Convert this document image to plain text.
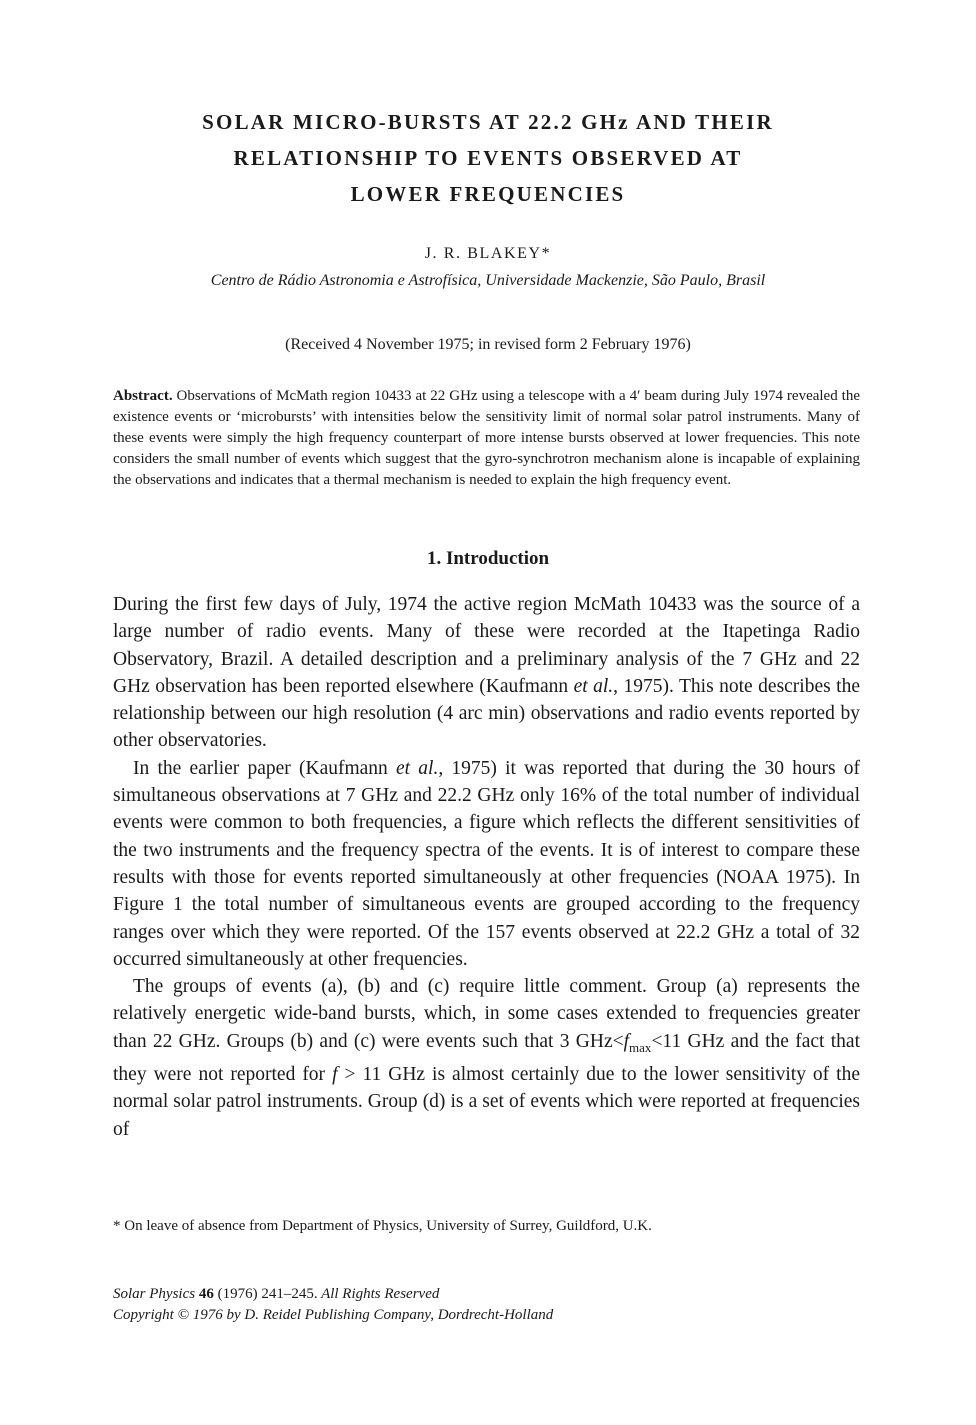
SOLAR MICRO-BURSTS AT 22.2 GHz AND THEIR
RELATIONSHIP TO EVENTS OBSERVED AT
LOWER FREQUENCIES
J. R. BLAKEY*
Centro de Rádio Astronomia e Astrofísica, Universidade Mackenzie, São Paulo, Brasil
(Received 4 November 1975; in revised form 2 February 1976)
Abstract. Observations of McMath region 10433 at 22 GHz using a telescope with a 4′ beam during July 1974 revealed the existence events or ‘microbursts’ with intensities below the sensitivity limit of normal solar patrol instruments. Many of these events were simply the high frequency counterpart of more intense bursts observed at lower frequencies. This note considers the small number of events which suggest that the gyro-synchrotron mechanism alone is incapable of explaining the observations and indicates that a thermal mechanism is needed to explain the high frequency event.
1. Introduction

During the first few days of July, 1974 the active region McMath 10433 was the source of a large number of radio events. Many of these were recorded at the Itapetinga Radio Observatory, Brazil. A detailed description and a preliminary analysis of the 7 GHz and 22 GHz observation has been reported elsewhere (Kaufmann et al., 1975). This note describes the relationship between our high resolution (4 arc min) observations and radio events reported by other observatories.

In the earlier paper (Kaufmann et al., 1975) it was reported that during the 30 hours of simultaneous observations at 7 GHz and 22.2 GHz only 16% of the total number of individual events were common to both frequencies, a figure which reflects the different sensitivities of the two instruments and the frequency spectra of the events. It is of interest to compare these results with those for events reported simultaneously at other frequencies (NOAA 1975). In Figure 1 the total number of simultaneous events are grouped according to the frequency ranges over which they were reported. Of the 157 events observed at 22.2 GHz a total of 32 occurred simultaneously at other frequencies.

The groups of events (a), (b) and (c) require little comment. Group (a) represents the relatively energetic wide-band bursts, which, in some cases extended to frequencies greater than 22 GHz. Groups (b) and (c) were events such that 3 $GHz<f_{max}<11$ GHz and the fact that they were not reported for f > 11 GHz is almost certainly due to the lower sensitivity of the normal solar patrol instruments. Group (d) is a set of events which were reported at frequencies of

* On leave of absence from Department of Physics, University of Surrey, Guildford, U.K.
Solar Physics 46 (1976) 241–245. All Rights Reserved
Copyright © 1976 by D. Reidel Publishing Company, Dordrecht-Holland
